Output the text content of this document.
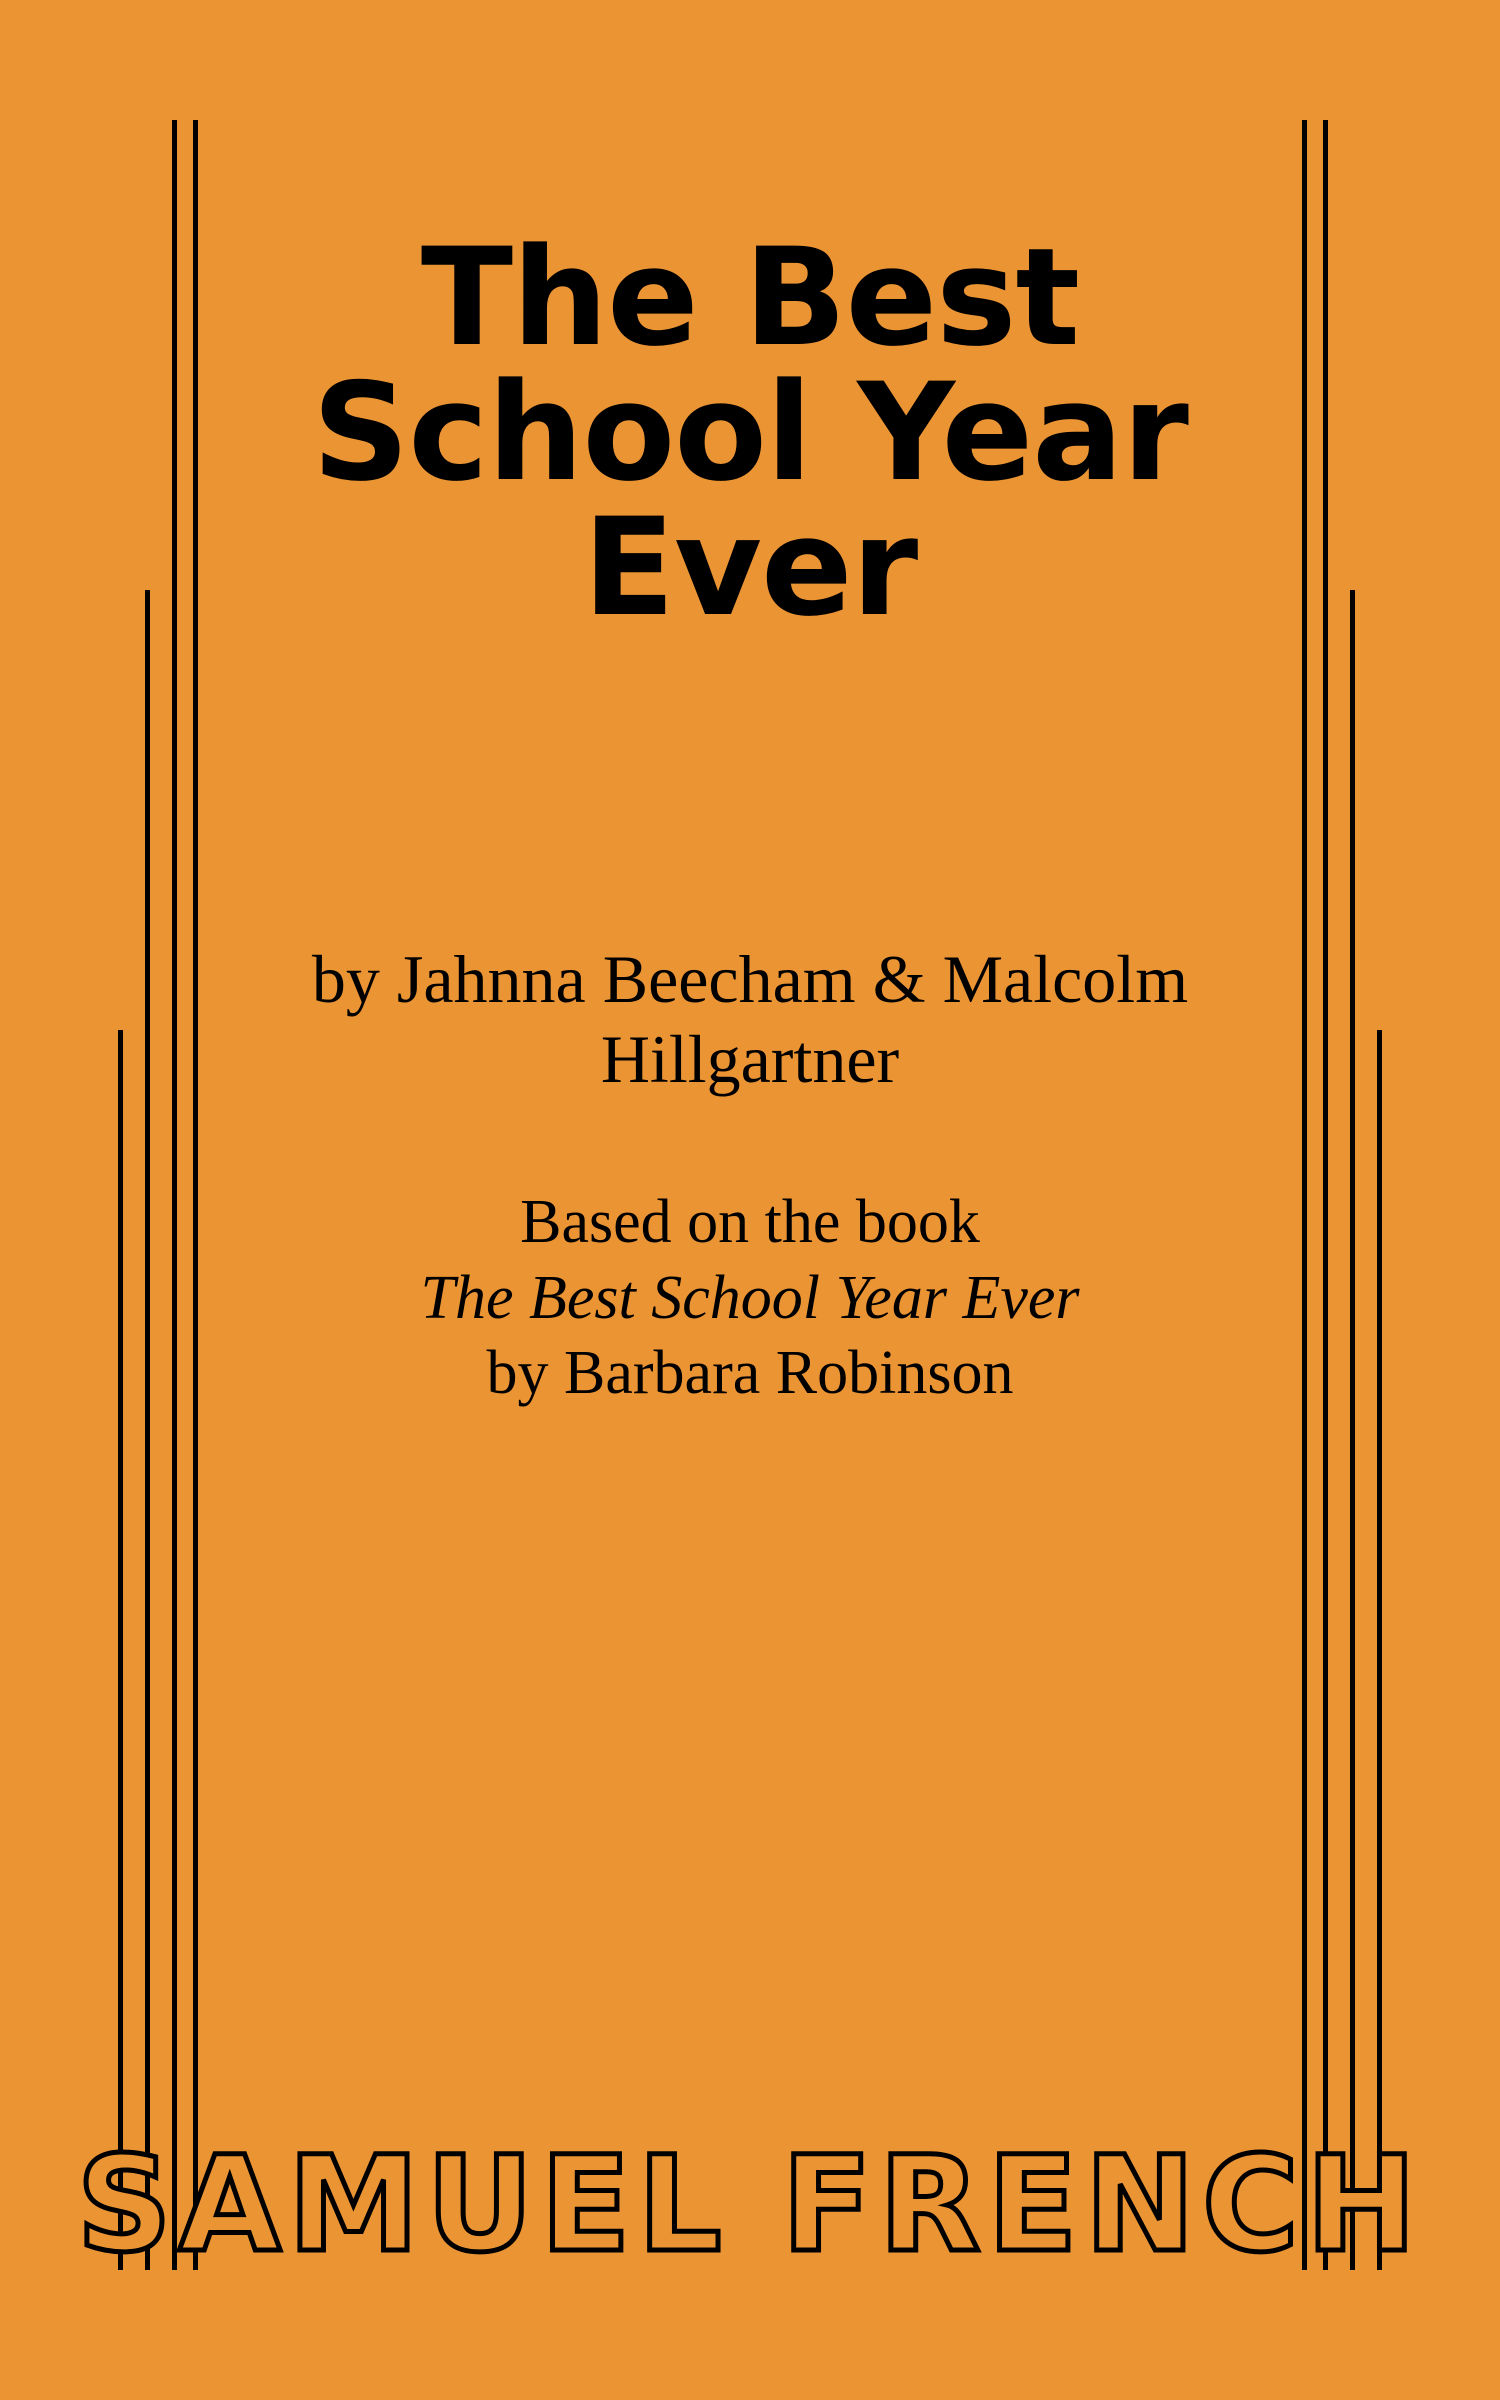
The Best School Year Ever

by Jahnna Beecham & Malcolm Hillgartner

Based on the book
The Best School Year Ever
by Barbara Robinson
SAMUEL FRENCH
